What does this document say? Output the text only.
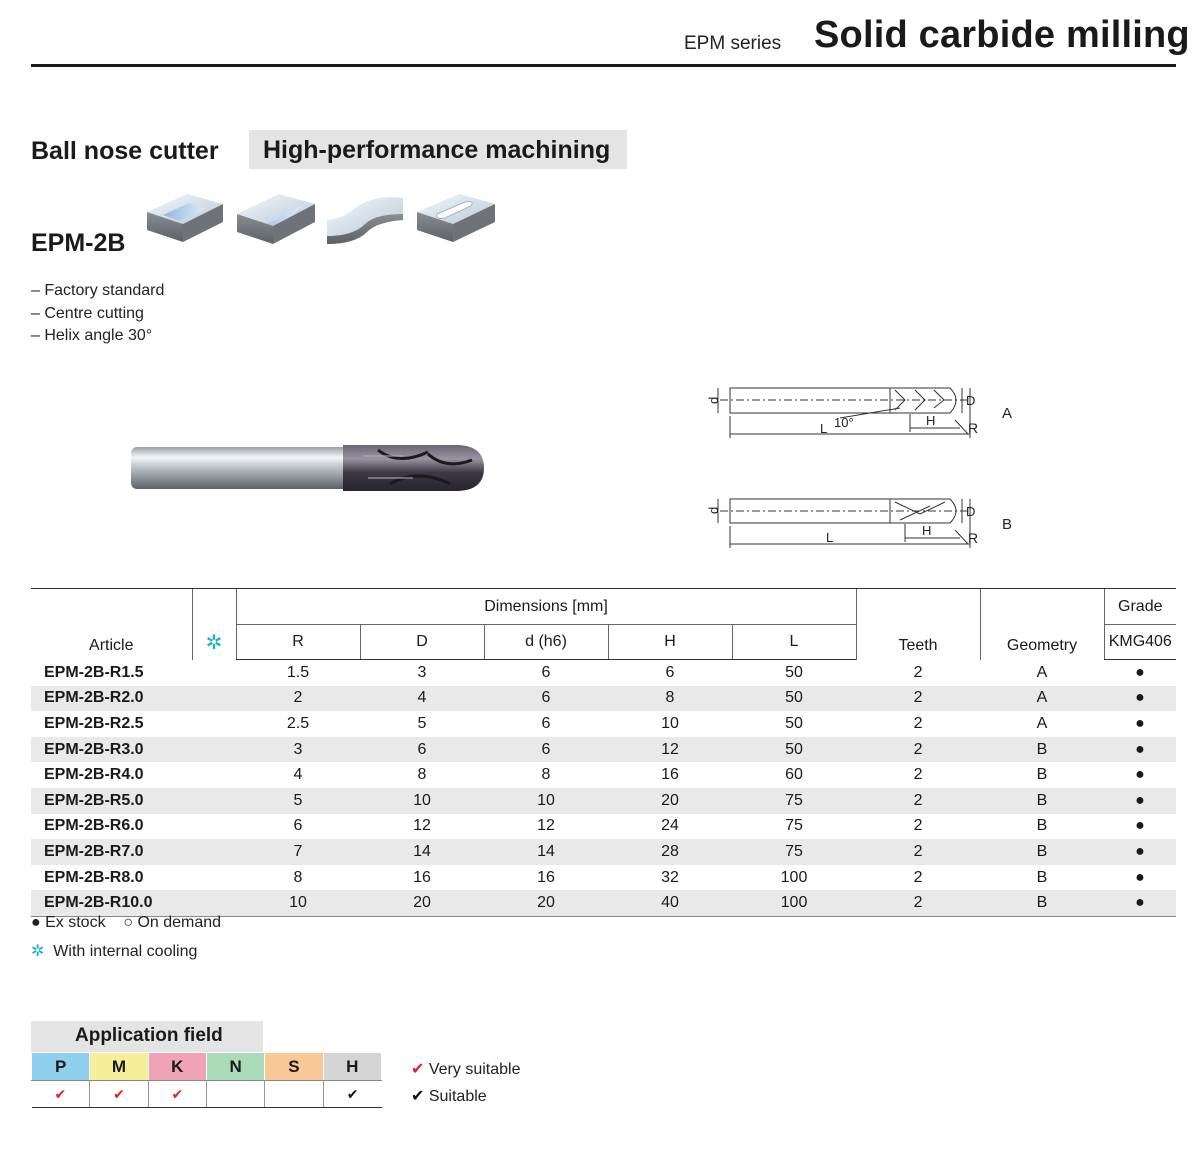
EPM series Solid carbide milling
Ball nose cutter High-performance machining
EPM-2B
– Factory standard
– Centre cutting
– Helix angle 30°
d	D
L 10°	H R
A
d	D
L	H	R
B
Article	✲	Dimensions [mm]					Teeth	Geometry	Grade
		R	D	d (h6)	H	L			KMG406
EPM-2B-R1.5		1.5	3	6	6	50	2	A	●
EPM-2B-R2.0		2	4	6	8	50	2	A	●
EPM-2B-R2.5		2.5	5	6	10	50	2	A	●
EPM-2B-R3.0		3	6	6	12	50	2	B	●
EPM-2B-R4.0		4	8	8	16	60	2	B	●
EPM-2B-R5.0		5	10	10	20	75	2	B	●
EPM-2B-R6.0		6	12	12	24	75	2	B	●
EPM-2B-R7.0		7	14	14	28	75	2	B	●
EPM-2B-R8.0		8	16	16	32	100	2	B	●
EPM-2B-R10.0		10	20	20	40	100	2	B	●
● Ex stock ○ On demand
✲ With internal cooling
Application field
P	M	K	N	S	H
✔	✔	✔			✔
✔ Very suitable
✔ Suitable
